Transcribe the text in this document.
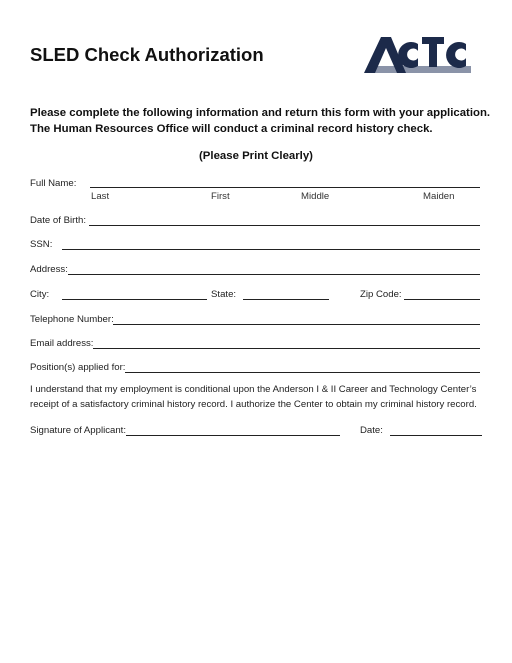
SLED Check Authorization
Please complete the following information and return this form with your application.
The Human Resources Office will conduct a criminal record history check.
(Please Print Clearly)
Full Name:
Last	First	Middle	Maiden
Date of Birth:
SSN:
Address:
City:	State:	Zip Code:
Telephone Number:
Email address:
Position(s) applied for:
I understand that my employment is conditional upon the Anderson I & II Career and Technology Center’s
receipt of a satisfactory criminal history record. I authorize the Center to obtain my criminal history record.
Signature of Applicant:	Date:
